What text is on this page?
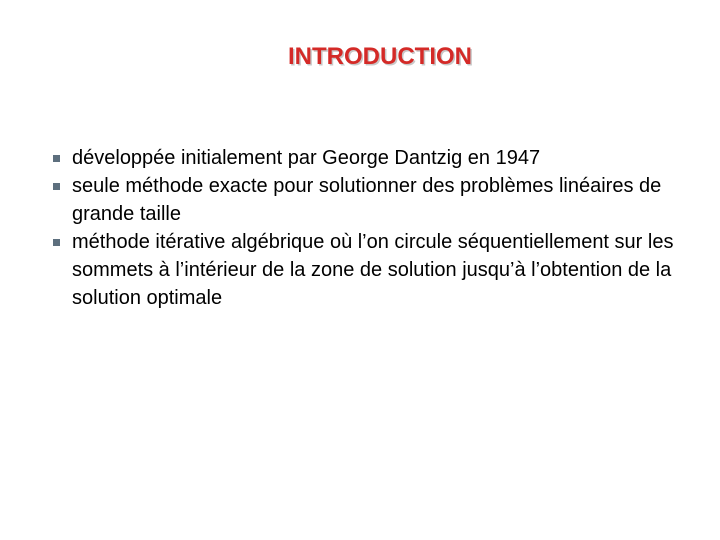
INTRODUCTION
développée initialement par George Dantzig en 1947
seule méthode exacte pour solutionner des problèmes linéaires de grande taille
méthode itérative algébrique où l’on circule séquentiellement sur les sommets à l’intérieur de la zone de solution jusqu’à l’obtention de la solution optimale
